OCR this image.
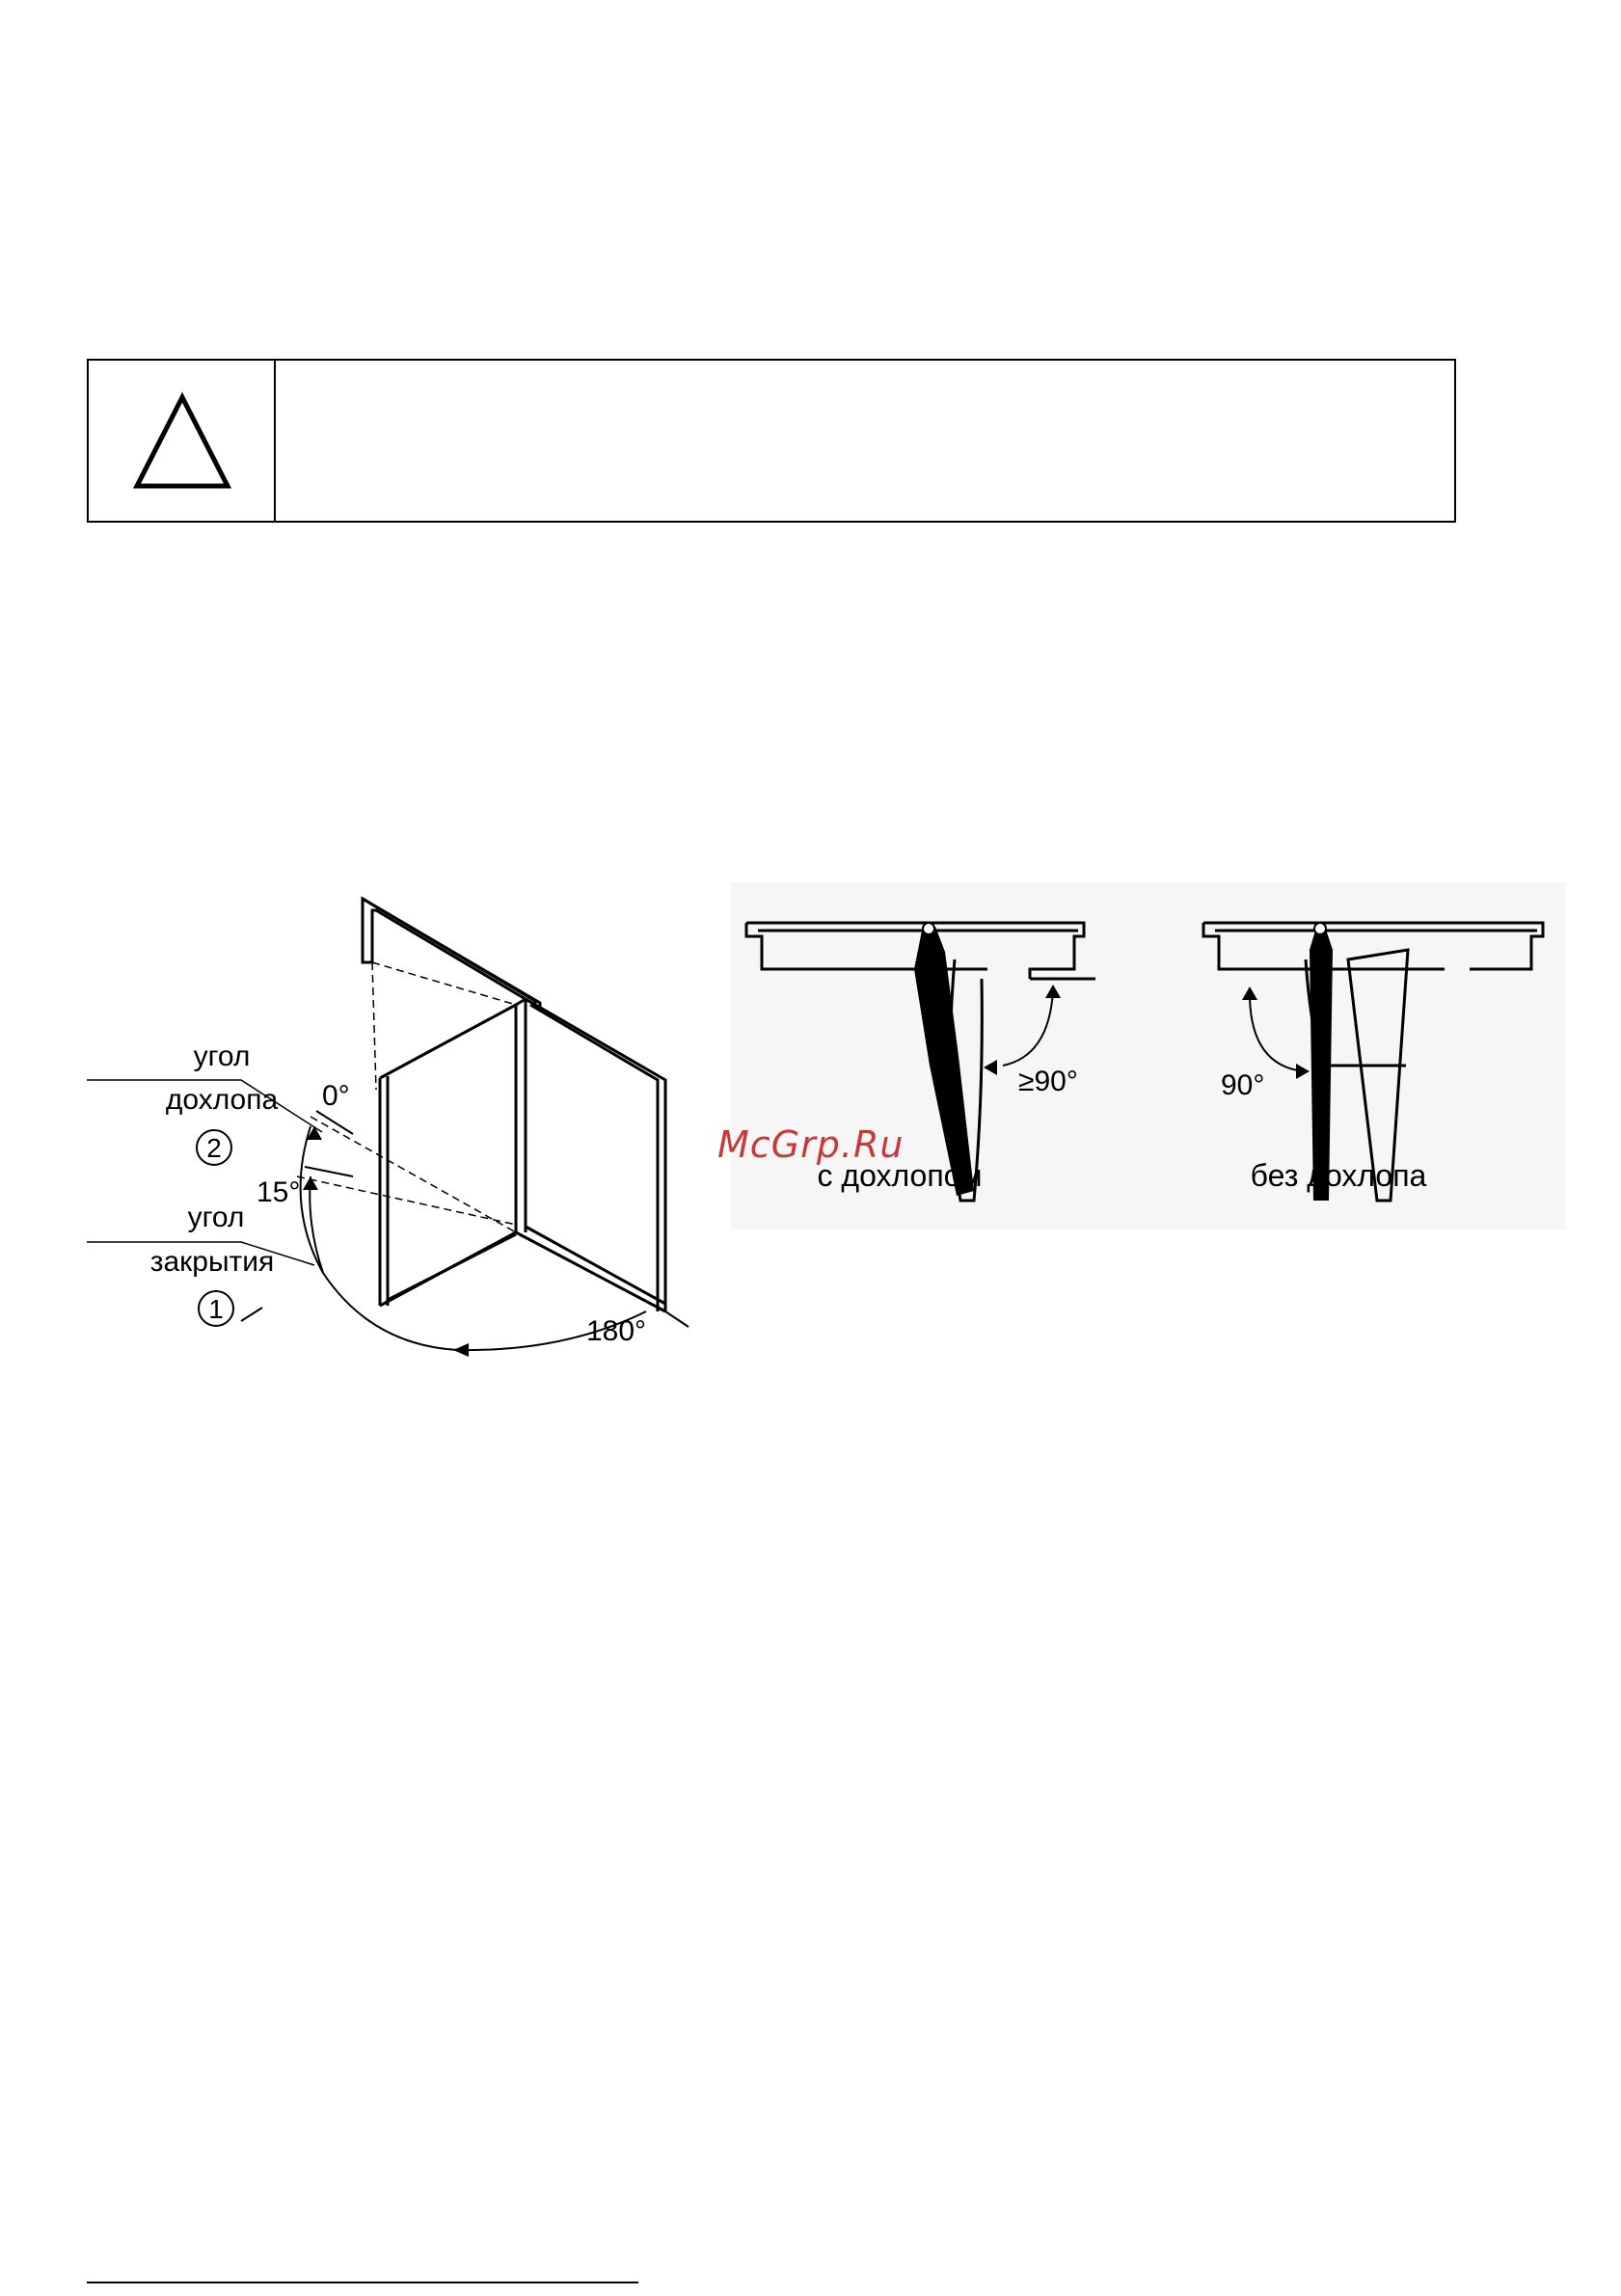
угол
дохлопа
2
угол
закрытия
1
0°
15°
180°
≥90°
с дохлопом
90°
без дохлопа
McGrp.Ru
